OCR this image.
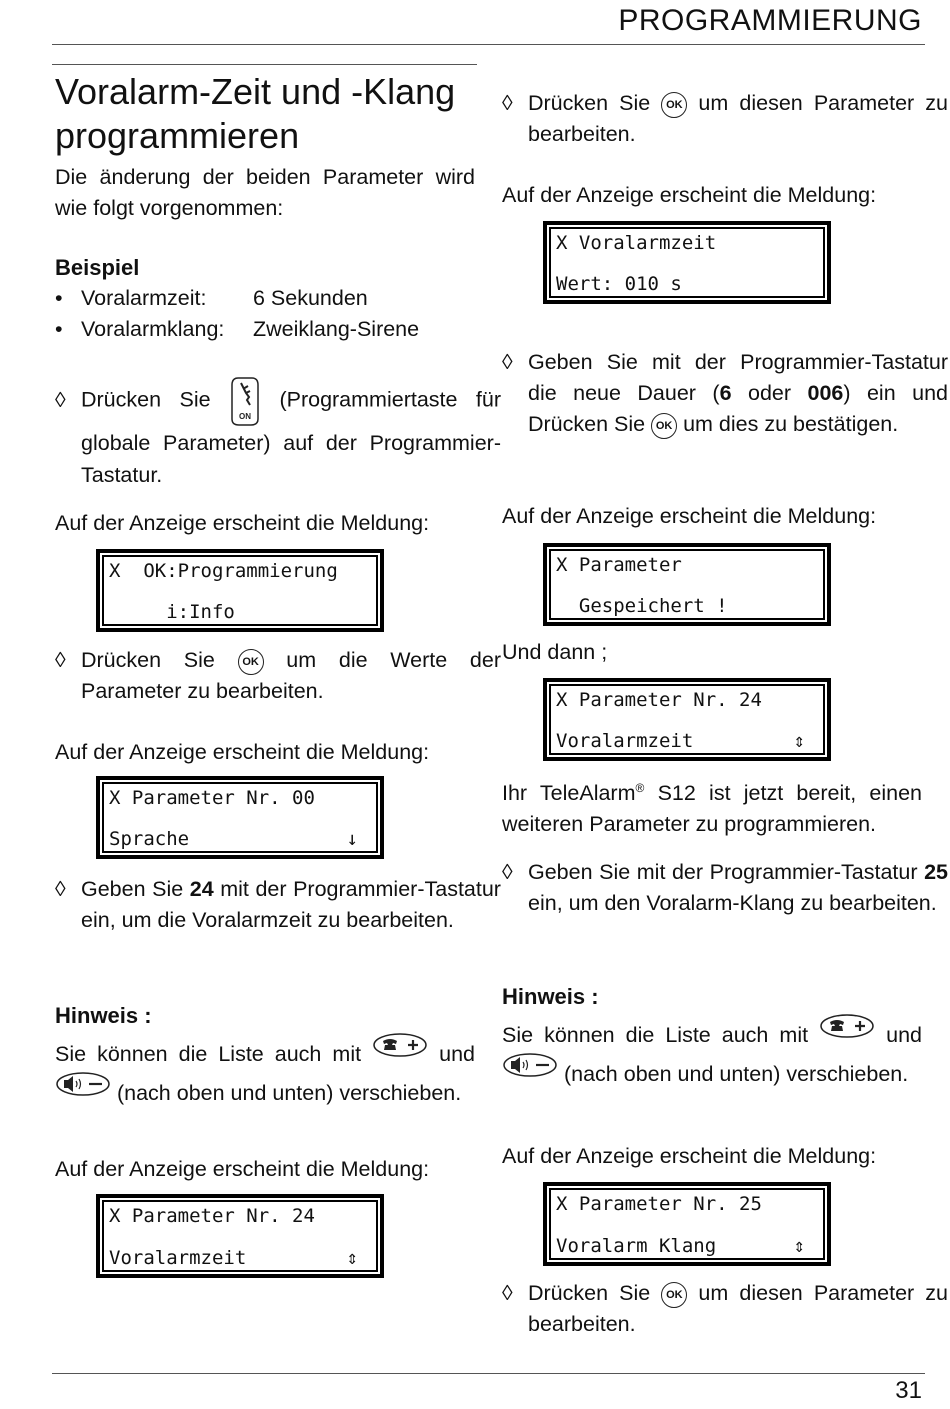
PROGRAMMIERUNG
Voralarm-Zeit und -Klang programmieren
Die änderung der beiden Parameter wird wie folgt vorgenommen:
Beispiel
• Voralarmzeit: 6 Sekunden
• Voralarmklang: Zweiklang-Sirene
◊ Drücken Sie
ON
(Programmiertaste für globale Parameter) auf der Programmier-Tastatur.
Auf der Anzeige erscheint die Meldung:
X  OK:Programmierung
i:Info
◊ Drücken Sie OK um die Werte der Parameter zu bearbeiten.
Auf der Anzeige erscheint die Meldung:
X Parameter Nr. 00
Sprache	↓
◊ Geben Sie 24 mit der Programmier-Tastatur ein, um die Voralarmzeit zu bearbeiten.
Hinweis :
Sie können die Liste auch mit	und  (nach oben und unten) verschieben.
Auf der Anzeige erscheint die Meldung:
X Parameter Nr. 24
Voralarmzeit	⇕
◊ Drücken Sie OK um diesen Parameter zu bearbeiten.
Auf der Anzeige erscheint die Meldung:
X Voralarmzeit
Wert: 010 s
◊ Geben Sie mit der Programmier-Tastatur die neue Dauer (6 oder 006) ein und Drücken Sie OK um dies zu bestätigen.
Auf der Anzeige erscheint die Meldung:
X Parameter
Gespeichert !
Und dann ;
X Parameter Nr. 24
Voralarmzeit	⇕
Ihr TeleAlarm® S12 ist jetzt bereit, einen weiteren Parameter zu programmieren.
◊ Geben Sie mit der Programmier-Tastatur 25 ein, um den Voralarm-Klang zu bearbeiten.
Hinweis :
Sie können die Liste auch mit	und  (nach oben und unten) verschieben.
Auf der Anzeige erscheint die Meldung:
X Parameter Nr. 25
Voralarm Klang	⇕
◊ Drücken Sie OK um diesen Parameter zu bearbeiten.
31
